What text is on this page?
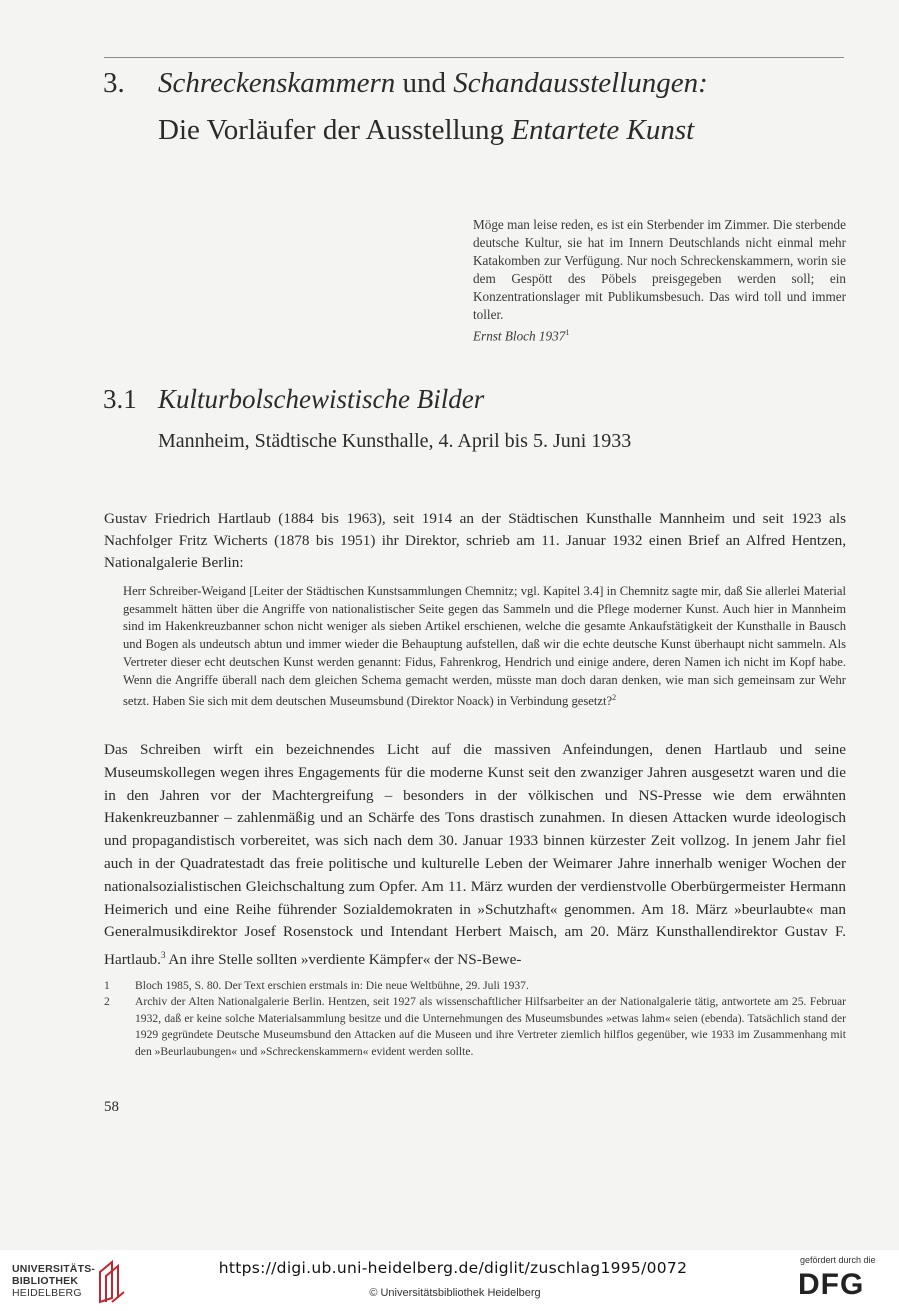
3. Schreckenskammern und Schandausstellungen:
Die Vorläufer der Ausstellung Entartete Kunst
Möge man leise reden, es ist ein Sterbender im Zimmer. Die sterbende deutsche Kultur, sie hat im Innern Deutschlands nicht einmal mehr Katakomben zur Verfügung. Nur noch Schreckenskammern, worin sie dem Gespött des Pöbels preisgegeben werden soll; ein Konzentrationslager mit Publikumsbesuch. Das wird toll und immer toller.
Ernst Bloch 1937$^1$
3.1 Kulturbolschewistische Bilder
Mannheim, Städtische Kunsthalle, 4. April bis 5. Juni 1933
Gustav Friedrich Hartlaub (1884 bis 1963), seit 1914 an der Städtischen Kunsthalle Mannheim und seit 1923 als Nachfolger Fritz Wicherts (1878 bis 1951) ihr Direktor, schrieb am 11. Januar 1932 einen Brief an Alfred Hentzen, Nationalgalerie Berlin:
Herr Schreiber-Weigand [Leiter der Städtischen Kunstsammlungen Chemnitz; vgl. Kapitel 3.4] in Chemnitz sagte mir, daß Sie allerlei Material gesammelt hätten über die Angriffe von nationalistischer Seite gegen das Sammeln und die Pflege moderner Kunst. Auch hier in Mannheim sind im Hakenkreuzbanner schon nicht weniger als sieben Artikel erschienen, welche die gesamte Ankaufstätigkeit der Kunsthalle in Bausch und Bogen als undeutsch abtun und immer wieder die Behauptung aufstellen, daß wir die echte deutsche Kunst überhaupt nicht sammeln. Als Vertreter dieser echt deutschen Kunst werden genannt: Fidus, Fahrenkrog, Hendrich und einige andere, deren Namen ich nicht im Kopf habe. Wenn die Angriffe überall nach dem gleichen Schema gemacht werden, müsste man doch daran denken, wie man sich gemeinsam zur Wehr setzt. Haben Sie sich mit dem deutschen Museumsbund (Direktor Noack) in Verbindung gesetzt?$^2$
Das Schreiben wirft ein bezeichnendes Licht auf die massiven Anfeindungen, denen Hartlaub und seine Museumskollegen wegen ihres Engagements für die moderne Kunst seit den zwanziger Jahren ausgesetzt waren und die in den Jahren vor der Machtergreifung – besonders in der völkischen und NS-Presse wie dem erwähnten Hakenkreuzbanner – zahlenmäßig und an Schärfe des Tons drastisch zunahmen. In diesen Attacken wurde ideologisch und propagandistisch vorbereitet, was sich nach dem 30. Januar 1933 binnen kürzester Zeit vollzog. In jenem Jahr fiel auch in der Quadratestadt das freie politische und kulturelle Leben der Weimarer Jahre innerhalb weniger Wochen der nationalsozialistischen Gleichschaltung zum Opfer. Am 11. März wurden der verdienstvolle Oberbürgermeister Hermann Heimerich und eine Reihe führender Sozialdemokraten in »Schutzhaft« genommen. Am 18. März »beurlaubte« man Generalmusikdirektor Josef Rosenstock und Intendant Herbert Maisch, am 20. März Kunsthallendirektor Gustav F. Hartlaub.$^3$ An ihre Stelle sollten »verdiente Kämpfer« der NS-Bewe-
1	Bloch 1985, S. 80. Der Text erschien erstmals in: Die neue Weltbühne, 29. Juli 1937.
2	Archiv der Alten Nationalgalerie Berlin. Hentzen, seit 1927 als wissenschaftlicher Hilfsarbeiter an der Nationalgalerie tätig, antwortete am 25. Februar 1932, daß er keine solche Materialsammlung besitze und die Unternehmungen des Museumsbundes »etwas lahm« seien (ebenda). Tatsächlich stand der 1929 gegründete Deutsche Museumsbund den Attacken auf die Museen und ihre Vertreter ziemlich hilflos gegenüber, wie 1933 im Zusammenhang mit den »Beurlaubungen« und »Schreckenskammern« evident werden sollte.
58
UNIVERSITÄTS-
BIBLIOTHEK
HEIDELBERG
https://digi.ub.uni-heidelberg.de/diglit/zuschlag1995/0072
© Universitätsbibliothek Heidelberg
gefördert durch die
DFG
